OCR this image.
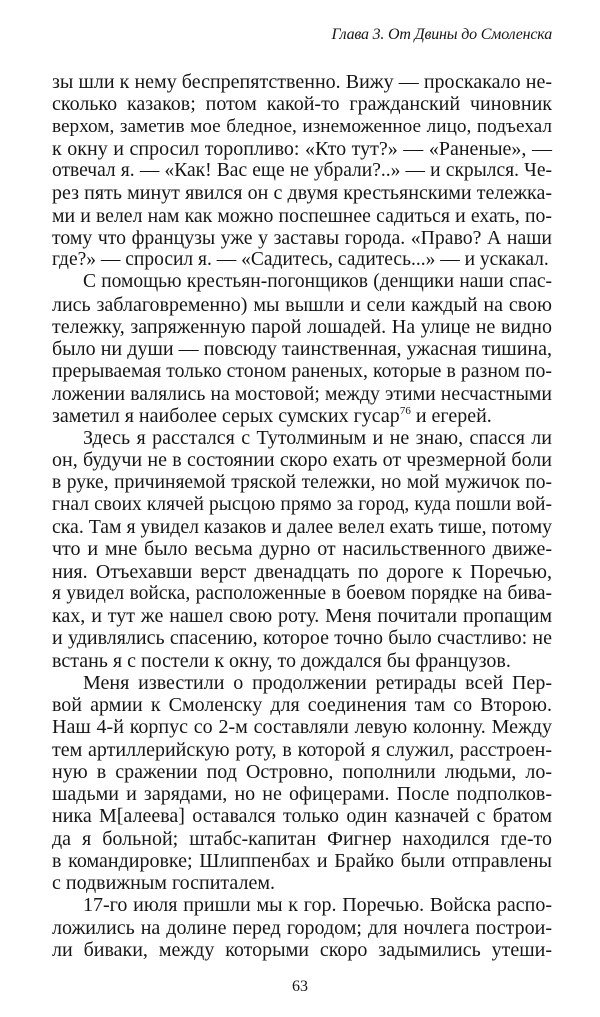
Глава 3. От Двины до Смоленска
зы шли к нему беспрепятственно. Вижу — проскакало не-
сколько казаков; потом какой-то гражданский чиновник
верхом, заметив мое бледное, изнеможенное лицо, подъехал
к окну и спросил торопливо: «Кто тут?» — «Раненые», —
отвечал я. — «Как! Вас еще не убрали?..» — и скрылся. Че-
рез пять минут явился он с двумя крестьянскими тележка-
ми и велел нам как можно поспешнее садиться и ехать, по-
тому что французы уже у заставы города. «Право? А наши
где?» — спросил я. — «Садитесь, садитесь...» — и ускакал.
С помощью крестьян-погонщиков (денщики наши спас-
лись заблаговременно) мы вышли и сели каждый на свою
тележку, запряженную парой лошадей. На улице не видно
было ни души — повсюду таинственная, ужасная тишина,
прерываемая только стоном раненых, которые в разном по-
ложении валялись на мостовой; между этими несчастными
заметил я наиболее серых сумских гусар$^{76}$ и егерей.
Здесь я расстался с Тутолминым и не знаю, спасся ли
он, будучи не в состоянии скоро ехать от чрезмерной боли
в руке, причиняемой тряской тележки, но мой мужичок по-
гнал своих клячей рысцою прямо за город, куда пошли вой-
ска. Там я увидел казаков и далее велел ехать тише, потому
что и мне было весьма дурно от насильственного движе-
ния. Отъехавши верст двенадцать по дороге к Поречью,
я увидел войска, расположенные в боевом порядке на бива-
ках, и тут же нашел свою роту. Меня почитали пропащим
и удивлялись спасению, которое точно было счастливо: не
встань я с постели к окну, то дождался бы французов.
Меня известили о продолжении ретирады всей Пер-
вой армии к Смоленску для соединения там со Второю.
Наш 4-й корпус со 2-м составляли левую колонну. Между
тем артиллерийскую роту, в которой я служил, расстроен-
ную в сражении под Островно, пополнили людьми, ло-
шадьми и зарядами, но не офицерами. После подполков-
ника М[алеева] оставался только один казначей с братом
да я больной; штабс-капитан Фигнер находился где-то
в командировке; Шлиппенбах и Брайко были отправлены
с подвижным госпиталем.
17-го июля пришли мы к гор. Поречью. Войска распо-
ложились на долине перед городом; для ночлега построи-
ли биваки, между которыми скоро задымились утеши-
63
